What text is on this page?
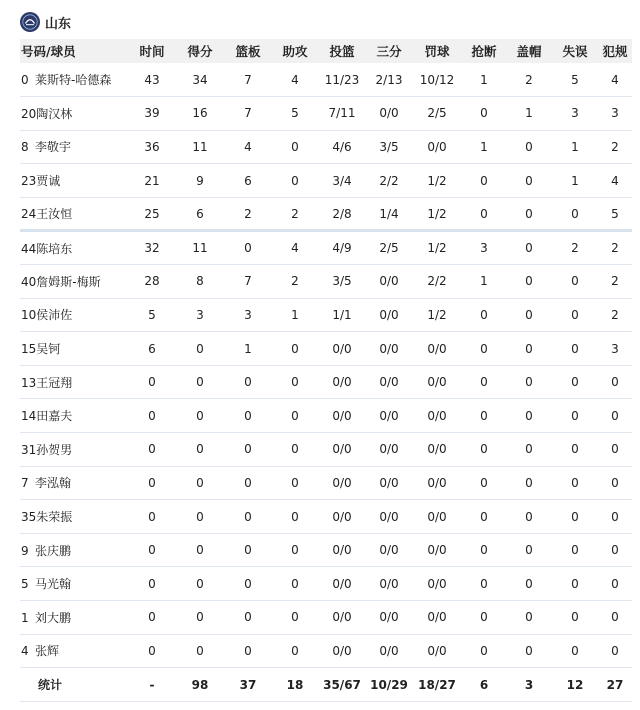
山东
号码/球员	时间	得分	篮板	助攻	投篮	三分	罚球	抢断	盖帽	失误	犯规
0 莱斯特-哈德森	43	34	7	4	11/23	2/13	10/12	1	2	5	4
20陶汉林	39	16	7	5	7/11	0/0	2/5	0	1	3	3
8 李敬宇	36	11	4	0	4/6	3/5	0/0	1	0	1	2
23贾诚	21	9	6	0	3/4	2/2	1/2	0	0	1	4
24王汝恒	25	6	2	2	2/8	1/4	1/2	0	0	0	5
44陈培东	32	11	0	4	4/9	2/5	1/2	3	0	2	2
40詹姆斯-梅斯	28	8	7	2	3/5	0/0	2/2	1	0	0	2
10侯沛佐	5	3	3	1	1/1	0/0	1/2	0	0	0	2
15吴钶	6	0	1	0	0/0	0/0	0/0	0	0	0	3
13王冠翔	0	0	0	0	0/0	0/0	0/0	0	0	0	0
14田嘉夫	0	0	0	0	0/0	0/0	0/0	0	0	0	0
31孙贺男	0	0	0	0	0/0	0/0	0/0	0	0	0	0
7 李泓翰	0	0	0	0	0/0	0/0	0/0	0	0	0	0
35朱荣振	0	0	0	0	0/0	0/0	0/0	0	0	0	0
9 张庆鹏	0	0	0	0	0/0	0/0	0/0	0	0	0	0
5 马光翰	0	0	0	0	0/0	0/0	0/0	0	0	0	0
1 刘大鹏	0	0	0	0	0/0	0/0	0/0	0	0	0	0
4 张辉	0	0	0	0	0/0	0/0	0/0	0	0	0	0
统计	-	98	37	18	35/67	10/29	18/27	6	3	12	27
